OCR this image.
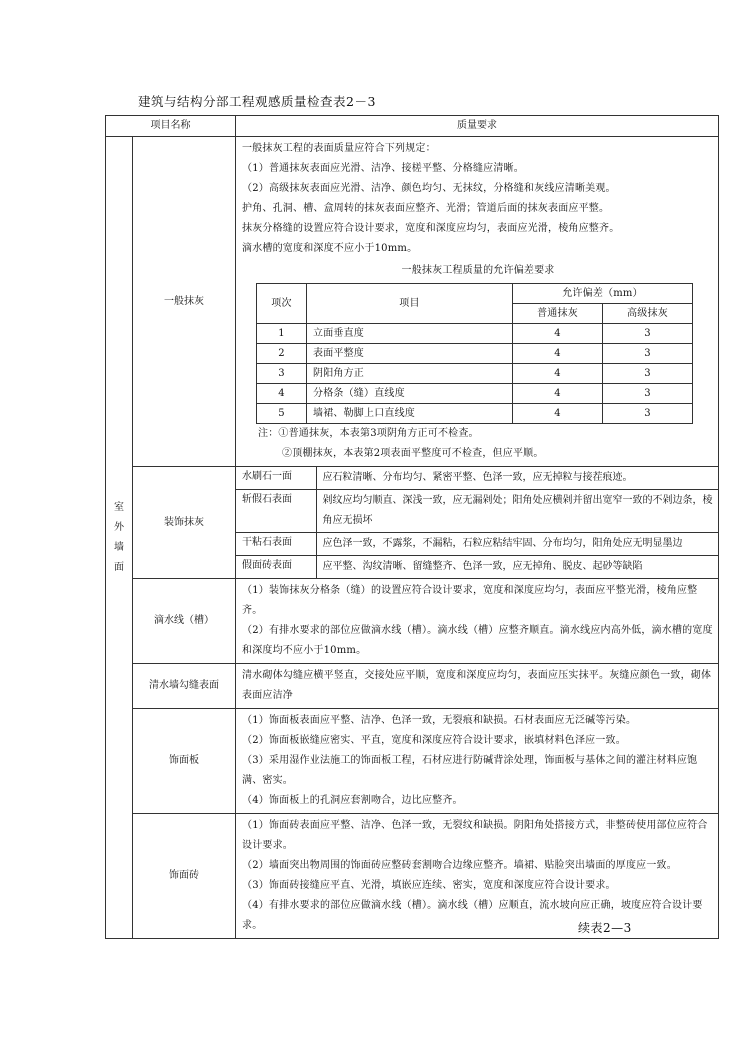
建筑与结构分部工程观感质量检查表2－3
项目名称	质量要求

室
外
墙
面
	一般抹灰	
一般抹灰工程的表面质量应符合下列规定：
（1）普通抹灰表面应光滑、洁净、接槎平整、分格缝应清晰。
（2）高级抹灰表面应光滑、洁净、颜色均匀、无抹纹，分格缝和灰线应清晰美观。
护角、孔洞、槽、盒周转的抹灰表面应整齐、光滑；管道后面的抹灰表面应平整。
抹灰分格缝的设置应符合设计要求，宽度和深度应均匀，表面应光滑，棱角应整齐。
滴水槽的宽度和深度不应小于10mm。
一般抹灰工程质量的允许偏差要求
项次	项目	允许偏差（mm）
普通抹灰	高级抹灰
1	立面垂直度	4	3
2	表面平整度	4	3
3	阴阳角方正	4	3
4	分格条（缝）直线度	4	3
5	墙裙、勒脚上口直线度	4	3
注：①普通抹灰，本表第3项阴角方正可不检查。
②顶棚抹灰，本表第2项表面平整度可不检查，但应平顺。

装饰抹灰	
水刷石一面	应石粒清晰、分布均匀、紧密平整、色泽一致，应无掉粒与接茬痕迹。
斩假石表面	剁纹应均匀顺直、深浅一致，应无漏剁处；阳角处应横剁并留出宽窄一致的不剁边条，棱角应无损坏
干粘石表面	应色泽一致，不露浆，不漏粘，石粒应粘结牢固、分布均匀，阳角处应无明显墨边
假面砖表面	应平整、沟纹清晰、留缝整齐、色泽一致，应无掉角、脱皮、起砂等缺陷

滴水线（槽）	
（1）装饰抹灰分格条（缝）的设置应符合设计要求，宽度和深度应均匀，表面应平整光滑，棱角应整齐。
（2）有排水要求的部位应做滴水线（槽）。滴水线（槽）应整齐顺直。滴水线应内高外低，滴水槽的宽度和深度均不应小于10mm。

清水墙勾缝表面	
清水砌体勾缝应横平竖直，交接处应平顺，宽度和深度应均匀，表面应压实抹平。灰缝应颜色一致，砌体表面应洁净

饰面板	
（1）饰面板表面应平整、洁净、色泽一致，无裂痕和缺损。石材表面应无泛碱等污染。
（2）饰面板嵌缝应密实、平直，宽度和深度应符合设计要求，嵌填材料色泽应一致。
（3）采用湿作业法施工的饰面板工程，石材应进行防碱背涂处理，饰面板与基体之间的灌注材料应饱满、密实。
（4）饰面板上的孔洞应套割吻合，边比应整齐。

饰面砖	
（1）饰面砖表面应平整、洁净、色泽一致，无裂纹和缺损。阴阳角处搭接方式，非整砖使用部位应符合设计要求。
（2）墙面突出物周围的饰面砖应整砖套割吻合边缘应整齐。墙裙、贴脸突出墙面的厚度应一致。
（3）饰面砖接缝应平直、光滑，填嵌应连续、密实，宽度和深度应符合设计要求。
（4）有排水要求的部位应做滴水线（槽）。滴水线（槽）应顺直，流水坡向应正确，坡度应符合设计要求。	续表2—3
